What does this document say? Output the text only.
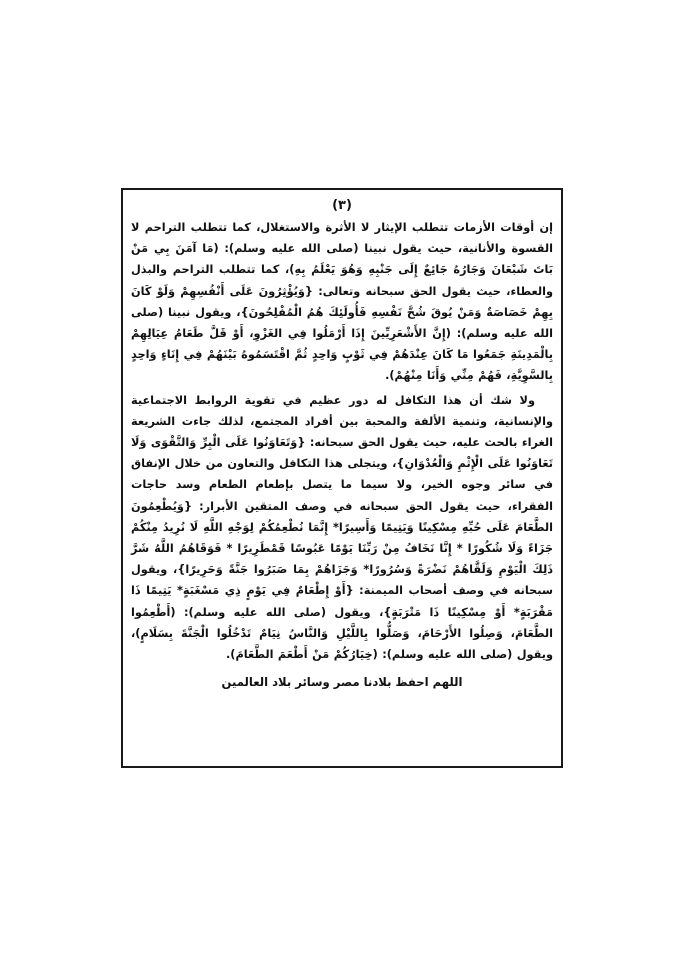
(٣)

إن أوقات الأزمات تتطلب الإيثار لا الأثرة والاستغلال، كما تتطلب التراحم لا القسوة والأنانية، حيث يقول نبينا (صلى الله عليه وسلم): (مَا آمَنَ بِي مَنْ بَاتَ شَبْعَانَ وَجَارُهُ جَائِعٌ إِلَى جَنْبِهِ وَهُوَ يَعْلَمُ بِهِ)، كما تتطلب التراحم والبذل والعطاء، حيث يقول الحق سبحانه وتعالى: {وَيُؤْثِرُونَ عَلَى أَنْفُسِهِمْ وَلَوْ كَانَ بِهِمْ خَصَاصَةٌ وَمَنْ يُوقَ شُحَّ نَفْسِهِ فَأُولَئِكَ هُمُ الْمُفْلِحُونَ}، ويقول نبينا (صلى الله عليه وسلم): (إِنَّ الأَشْعَرِيِّينَ إِذَا أَرْمَلُوا فِي الغَزْوِ، أَوْ قَلَّ طَعَامُ عِيَالِهِمْ بِالْمَدِينَةِ جَمَعُوا مَا كَانَ عِنْدَهُمْ فِي ثَوْبٍ وَاحِدٍ ثُمَّ اقْتَسَمُوهُ بَيْنَهُمْ فِي إِنَاءٍ وَاحِدٍ بِالسَّوِيَّةِ، فَهُمْ مِنِّي وَأَنَا مِنْهُمْ).

ولا شك أن هذا التكافل له دور عظيم في تقوية الروابط الاجتماعية والإنسانية، وتنمية الألفة والمحبة بين أفراد المجتمع، لذلك جاءت الشريعة الغراء بالحث عليه، حيث يقول الحق سبحانه: {وَتَعَاوَنُوا عَلَى الْبِرِّ وَالتَّقْوَى وَلَا تَعَاوَنُوا عَلَى الْإِثْمِ وَالْعُدْوَانِ}، ويتجلى هذا التكافل والتعاون من خلال الإنفاق في سائر وجوه الخير، ولا سيما ما يتصل بإطعام الطعام وسد حاجات الفقراء، حيث يقول الحق سبحانه في وصف المتقين الأبرار: {وَيُطْعِمُونَ الطَّعَامَ عَلَى حُبِّهِ مِسْكِينًا وَيَتِيمًا وَأَسِيرًا* إِنَّمَا نُطْعِمُكُمْ لِوَجْهِ اللَّهِ لَا نُرِيدُ مِنْكُمْ جَزَاءً وَلَا شُكُورًا * إِنَّا نَخَافُ مِنْ رَبِّنَا يَوْمًا عَبُوسًا قَمْطَرِيرًا * فَوَقَاهُمُ اللَّهُ شَرَّ ذَلِكَ الْيَوْمِ وَلَقَّاهُمْ نَضْرَةً وَسُرُورًا* وَجَزَاهُمْ بِمَا صَبَرُوا جَنَّةً وَحَرِيرًا}، ويقول سبحانه في وصف أصحاب الميمنة: {أَوْ إِطْعَامٌ فِي يَوْمٍ ذِي مَسْغَبَةٍ* يَتِيمًا ذَا مَقْرَبَةٍ* أَوْ مِسْكِينًا ذَا مَتْرَبَةٍ}، ويقول (صلى الله عليه وسلم): (أَطْعِمُوا الطَّعَامَ، وَصِلُوا الأَرْحَامَ، وَصَلُّوا بِاللَّيْلِ وَالنَّاسُ نِيَامٌ تَدْخُلُوا الْجَنَّةَ بِسَلَامٍ)، ويقول (صلى الله عليه وسلم): (خِيَارُكُمْ مَنْ أَطْعَمَ الطَّعَامَ).

اللهم احفظ بلادنا مصر وسائر بلاد العالمين
